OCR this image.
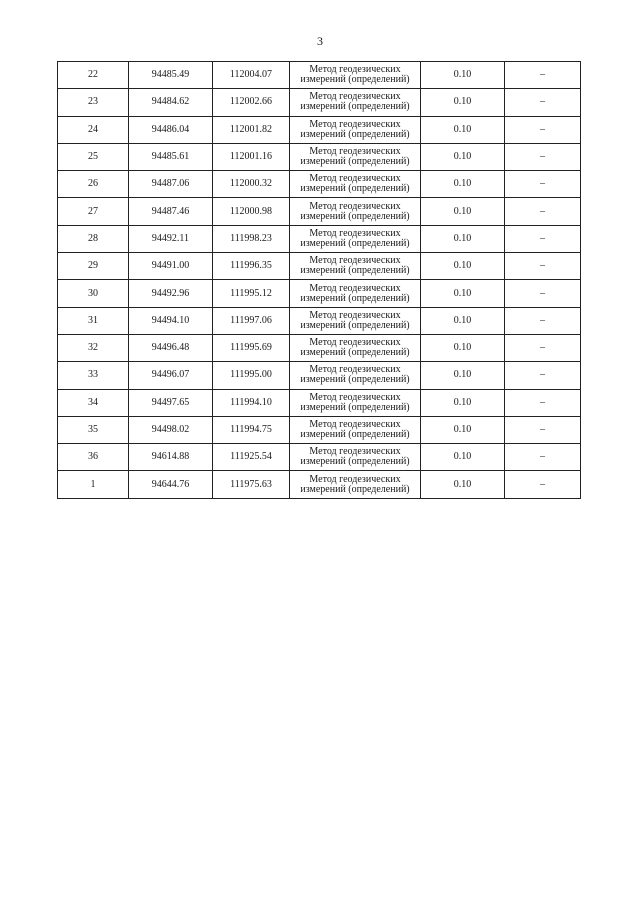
3
22	94485.49	112004.07	Метод геодезических
измерений (определений)	0.10	–
23	94484.62	112002.66	Метод геодезических
измерений (определений)	0.10	–
24	94486.04	112001.82	Метод геодезических
измерений (определений)	0.10	–
25	94485.61	112001.16	Метод геодезических
измерений (определений)	0.10	–
26	94487.06	112000.32	Метод геодезических
измерений (определений)	0.10	–
27	94487.46	112000.98	Метод геодезических
измерений (определений)	0.10	–
28	94492.11	111998.23	Метод геодезических
измерений (определений)	0.10	–
29	94491.00	111996.35	Метод геодезических
измерений (определений)	0.10	–
30	94492.96	111995.12	Метод геодезических
измерений (определений)	0.10	–
31	94494.10	111997.06	Метод геодезических
измерений (определений)	0.10	–
32	94496.48	111995.69	Метод геодезических
измерений (определений)	0.10	–
33	94496.07	111995.00	Метод геодезических
измерений (определений)	0.10	–
34	94497.65	111994.10	Метод геодезических
измерений (определений)	0.10	–
35	94498.02	111994.75	Метод геодезических
измерений (определений)	0.10	–
36	94614.88	111925.54	Метод геодезических
измерений (определений)	0.10	–
1	94644.76	111975.63	Метод геодезических
измерений (определений)	0.10	–
